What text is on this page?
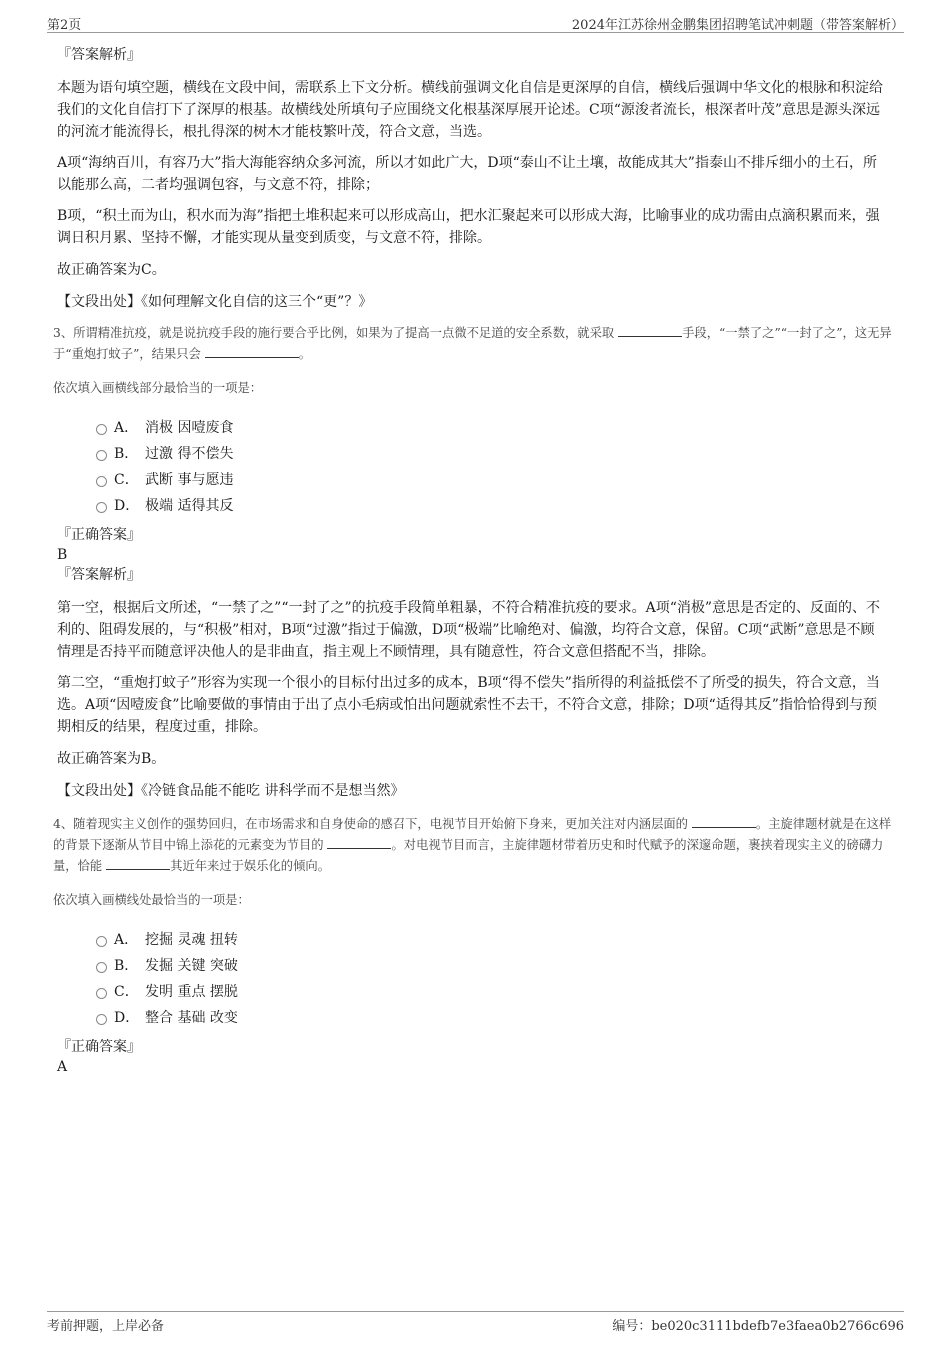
第2页	2024年江苏徐州金鹏集团招聘笔试冲刺题（带答案解析）

『答案解析』

本题为语句填空题，横线在文段中间，需联系上下文分析。横线前强调文化自信是更深厚的自信，横线后强调中华文化的根脉和积淀给我们的文化自信打下了深厚的根基。故横线处所填句子应围绕文化根基深厚展开论述。C项“源浚者流长，根深者叶茂”意思是源头深远的河流才能流得长，根扎得深的树木才能枝繁叶茂，符合文意，当选。

A项“海纳百川，有容乃大”指大海能容纳众多河流，所以才如此广大，D项“泰山不让土壤，故能成其大”指泰山不排斥细小的土石，所以能那么高，二者均强调包容，与文意不符，排除；

B项，“积土而为山，积水而为海”指把土堆积起来可以形成高山，把水汇聚起来可以形成大海，比喻事业的成功需由点滴积累而来，强调日积月累、坚持不懈，才能实现从量变到质变，与文意不符，排除。

故正确答案为C。

【文段出处】《如何理解文化自信的这三个“更”？》

3、所谓精准抗疫，就是说抗疫手段的施行要合乎比例，如果为了提高一点微不足道的安全系数，就采取	手段，“一禁了之”“一封了之”，这无异于“重炮打蚊子”，结果只会	。

依次填入画横线部分最恰当的一项是：

A． 消极 因噎废食
B． 过激 得不偿失
C． 武断 事与愿违
D． 极端 适得其反

『正确答案』

B

『答案解析』

第一空，根据后文所述，“一禁了之”“一封了之”的抗疫手段简单粗暴，不符合精准抗疫的要求。A项“消极”意思是否定的、反面的、不利的、阻碍发展的，与“积极”相对，B项“过激”指过于偏激，D项“极端”比喻绝对、偏激，均符合文意，保留。C项“武断”意思是不顾情理是否持平而随意评决他人的是非曲直，指主观上不顾情理，具有随意性，符合文意但搭配不当，排除。

第二空，“重炮打蚊子”形容为实现一个很小的目标付出过多的成本，B项“得不偿失”指所得的利益抵偿不了所受的损失，符合文意，当选。A项“因噎废食”比喻要做的事情由于出了点小毛病或怕出问题就索性不去干，不符合文意，排除；D项“适得其反”指恰恰得到与预期相反的结果，程度过重，排除。

故正确答案为B。

【文段出处】《冷链食品能不能吃 讲科学而不是想当然》

4、随着现实主义创作的强势回归，在市场需求和自身使命的感召下，电视节目开始俯下身来，更加关注对内涵层面的	。主旋律题材就是在这样的背景下逐渐从节目中锦上添花的元素变为节目的	。对电视节目而言，主旋律题材带着历史和时代赋予的深邃命题，裹挟着现实主义的磅礴力量，恰能	其近年来过于娱乐化的倾向。

依次填入画横线处最恰当的一项是：

A． 挖掘 灵魂 扭转
B． 发掘 关键 突破
C． 发明 重点 摆脱
D． 整合 基础 改变

『正确答案』

A

考前押题，上岸必备	编号：be020c3111bdefb7e3faea0b2766c696
